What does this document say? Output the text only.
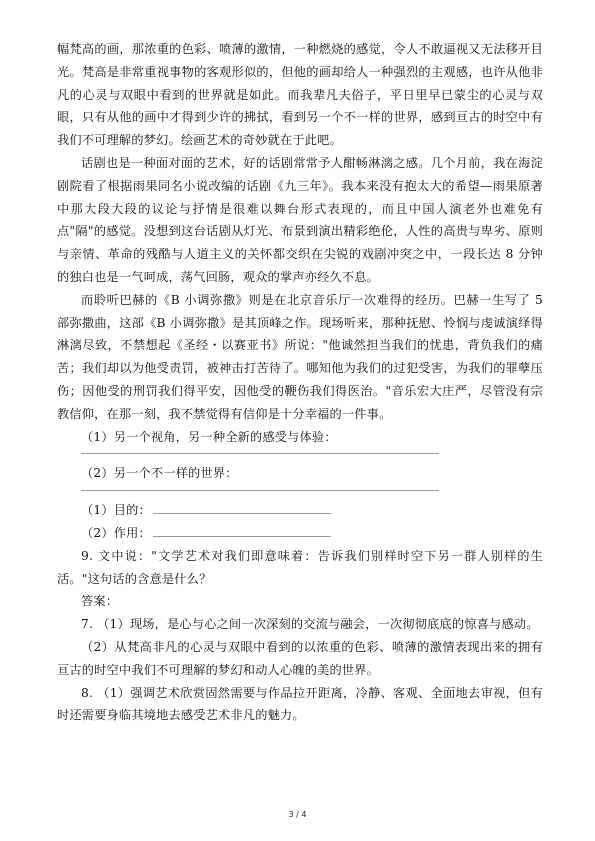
幅梵高的画，那浓重的色彩、喷薄的激情，一种燃烧的感觉，令人不敢逼视又无法移开目光。梵高是非常重视事物的客观形似的，但他的画却给人一种强烈的主观感，也许从他非凡的心灵与双眼中看到的世界就是如此。而我辈凡夫俗子，平日里早已蒙尘的心灵与双眼，只有从他的画中才得到少许的拂拭，看到另一个不一样的世界，感到亘古的时空中有我们不可理解的梦幻。绘画艺术的奇妙就在于此吧。

话剧也是一种面对面的艺术，好的话剧常常予人酣畅淋漓之感。几个月前，我在海淀剧院看了根据雨果同名小说改编的话剧《九三年》。我本来没有抱太大的希望—雨果原著中那大段大段的议论与抒情是很难以舞台形式表现的，而且中国人演老外也难免有点"隔"的感觉。没想到这台话剧从灯光、布景到演出精彩绝伦，人性的高贵与卑劣、原则与亲情、革命的残酷与人道主义的关怀都交织在尖锐的戏剧冲突之中，一段长达 8 分钟的独白也是一气呵成，荡气回肠，观众的掌声亦经久不息。

而聆听巴赫的《B 小调弥撒》则是在北京音乐厅一次难得的经历。巴赫一生写了 5 部弥撒曲，这部《B 小调弥撒》是其顶峰之作。现场听来，那种抚慰、怜悯与虔诚演绎得淋漓尽致，不禁想起《圣经・以赛亚书》所说："他诚然担当我们的忧患，背负我们的痛苦；我们却以为他受责罚，被神击打苦待了。哪知他为我们的过犯受害，为我们的罪孽压伤；因他受的刑罚我们得平安，因他受的鞭伤我们得医治。"音乐宏大庄严，尽管没有宗教信仰，在那一刻，我不禁觉得有信仰是十分幸福的一件事。

（1）另一个视角，另一种全新的感受与体验：

（2）另一个不一样的世界：

（1）目的：

（2）作用：

9. 文中说："文学艺术对我们即意味着：告诉我们别样时空下另一群人别样的生活。"这句话的含意是什么？

答案：

7. （1）现场，是心与心之间一次深刻的交流与融会，一次彻彻底底的惊喜与感动。

（2）从梵高非凡的心灵与双眼中看到的以浓重的色彩、喷薄的激情表现出来的拥有亘古的时空中我们不可理解的梦幻和动人心魄的美的世界。

8. （1）强调艺术欣赏固然需要与作品拉开距离，冷静、客观、全面地去审视，但有时还需要身临其境地去感受艺术非凡的魅力。

3 / 4
